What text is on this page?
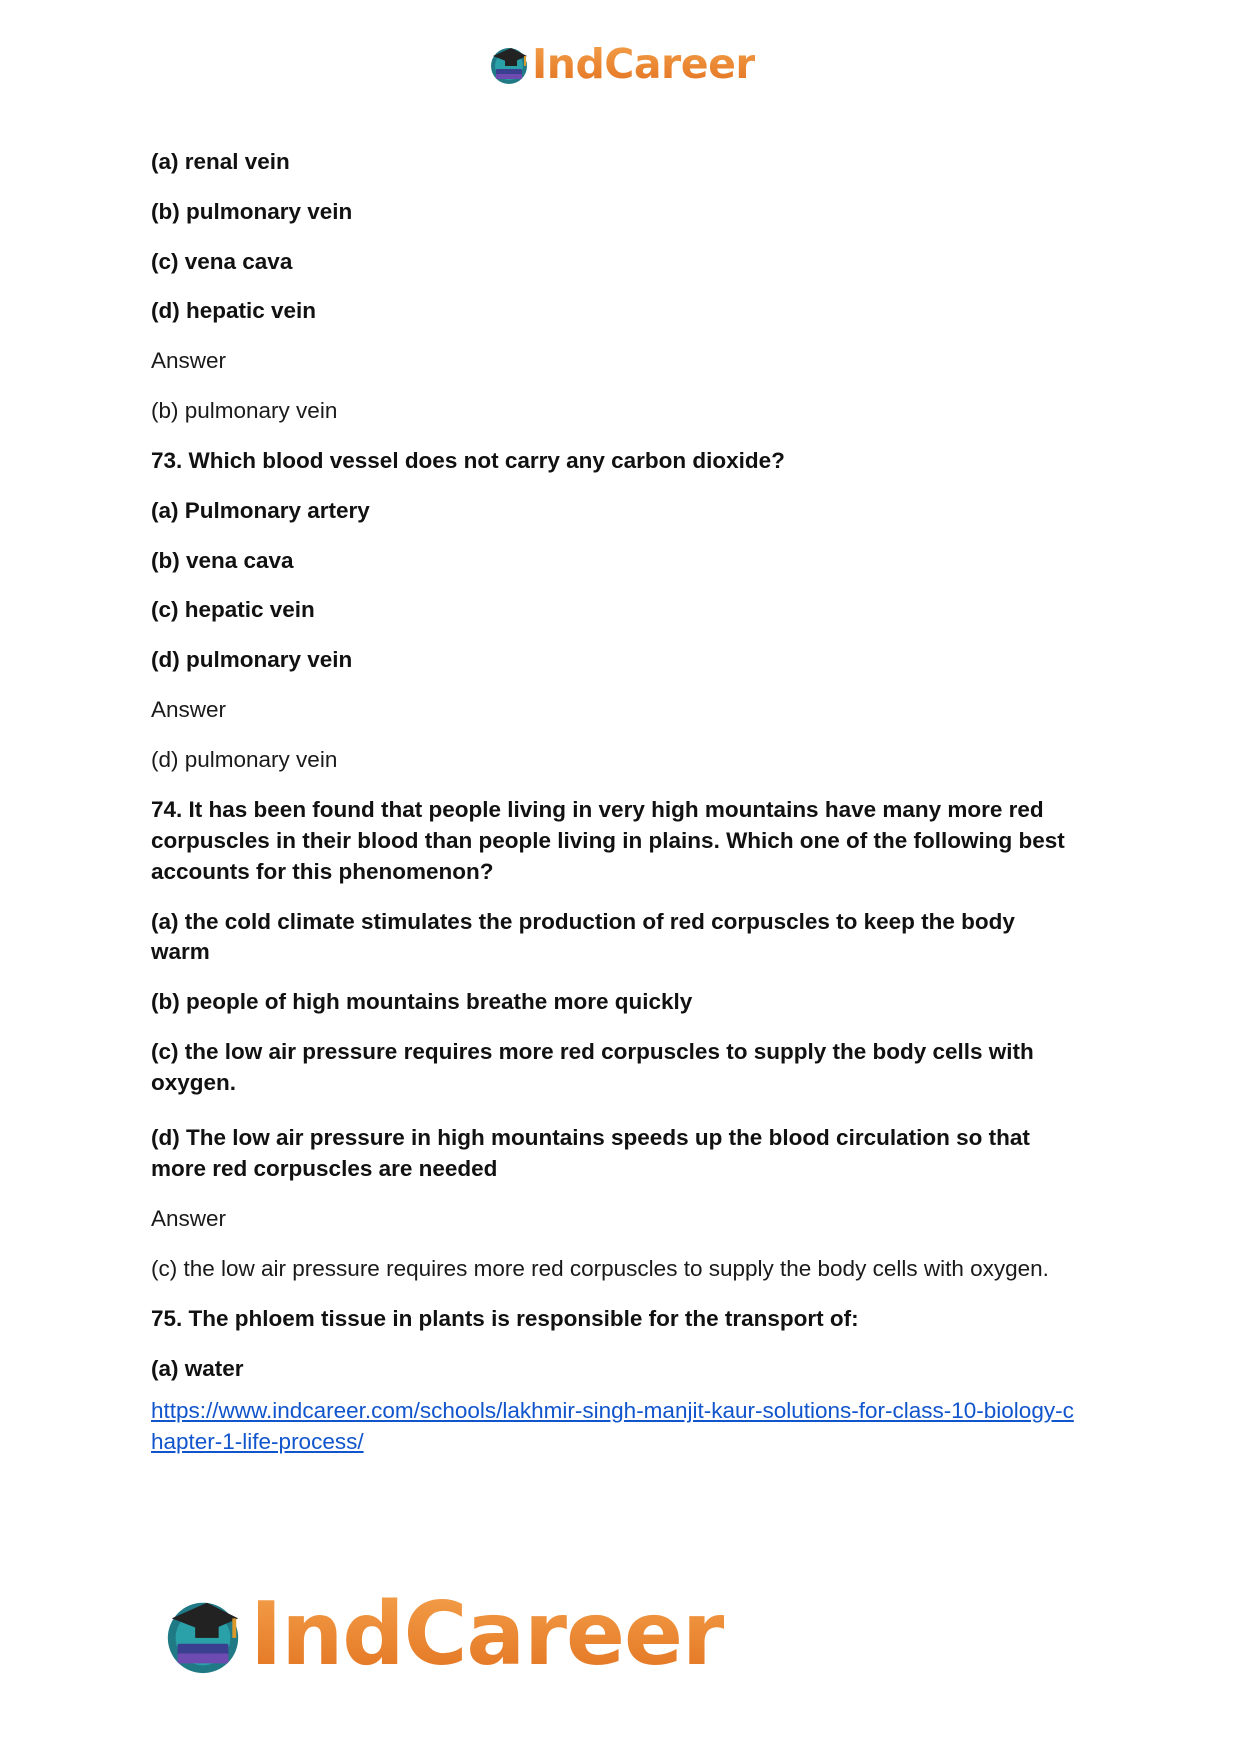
IndCareer

(a) renal vein

(b) pulmonary vein

(c) vena cava

(d) hepatic vein

Answer

(b) pulmonary vein

73. Which blood vessel does not carry any carbon dioxide?

(a) Pulmonary artery

(b) vena cava

(c) hepatic vein

(d) pulmonary vein

Answer

(d) pulmonary vein

74. It has been found that people living in very high mountains have many more red

corpuscles in their blood than people living in plains. Which one of the following best

accounts for this phenomenon?

(a) the cold climate stimulates the production of red corpuscles to keep the body

warm

(b) people of high mountains breathe more quickly

(c) the low air pressure requires more red corpuscles to supply the body cells with

oxygen.

(d) The low air pressure in high mountains speeds up the blood circulation so that

more red corpuscles are needed

Answer

(c) the low air pressure requires more red corpuscles to supply the body cells with oxygen.

75. The phloem tissue in plants is responsible for the transport of:

(a) water

https://www.indcareer.com/schools/lakhmir-singh-manjit-kaur-solutions-for-class-10-biology-c
hapter-1-life-process/
IndCareer
